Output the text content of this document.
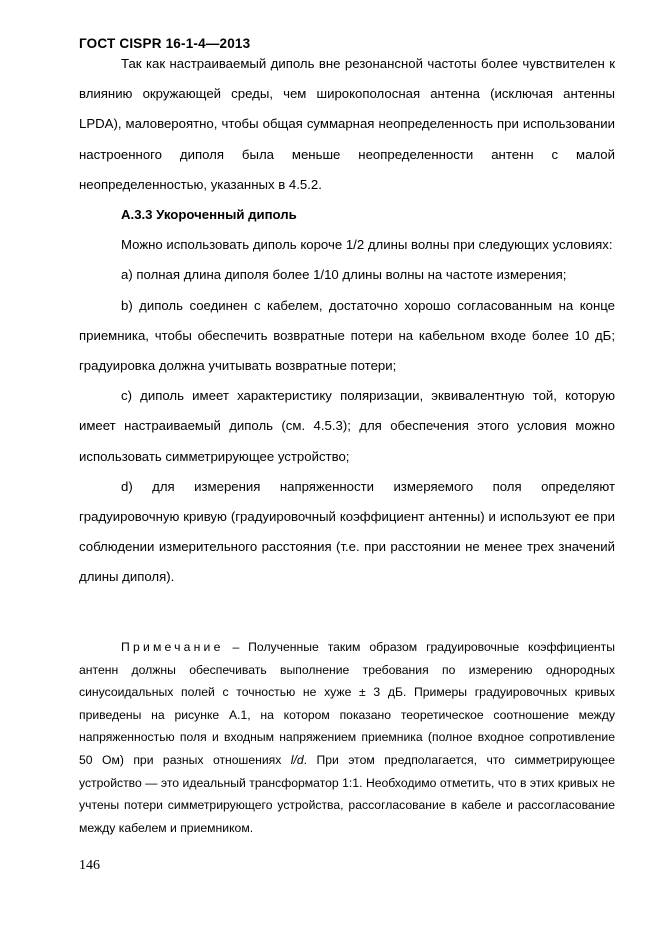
ГОСТ CISPR 16-1-4—2013

Так как настраиваемый диполь вне резонансной частоты более чувствителен к влиянию окружающей среды, чем широкополосная антенна (исключая антенны LPDA), маловероятно, чтобы общая суммарная неопределенность при использовании настроенного диполя была меньше неопределенности антенн с малой неопределенностью, указанных в 4.5.2.

А.3.3 Укороченный диполь

Можно использовать диполь короче 1/2 длины волны при следующих условиях:

а) полная длина диполя более 1/10 длины волны на частоте измерения;

b) диполь соединен с кабелем, достаточно хорошо согласованным на конце приемника, чтобы обеспечить возвратные потери на кабельном входе более 10 дБ; градуировка должна учитывать возвратные потери;

с) диполь имеет характеристику поляризации, эквивалентную той, которую имеет настраиваемый диполь (см. 4.5.3); для обеспечения этого условия можно использовать симметрирующее устройство;

d) для измерения напряженности измеряемого поля определяют градуировочную кривую (градуировочный коэффициент антенны) и используют ее при соблюдении измерительного расстояния (т.е. при расстоянии не менее трех значений длины диполя).

Примечание – Полученные таким образом градуировочные коэффициенты антенн должны обеспечивать выполнение требования по измерению однородных синусоидальных полей с точностью не хуже ± 3 дБ. Примеры градуировочных кривых приведены на рисунке А.1, на котором показано теоретическое соотношение между напряженностью поля и входным напряжением приемника (полное входное сопротивление 50 Ом) при разных отношениях l/d. При этом предполагается, что симметрирующее устройство — это идеальный трансформатор 1:1. Необходимо отметить, что в этих кривых не учтены потери симметрирующего устройства, рассогласование в кабеле и рассогласование между кабелем и приемником.

146
